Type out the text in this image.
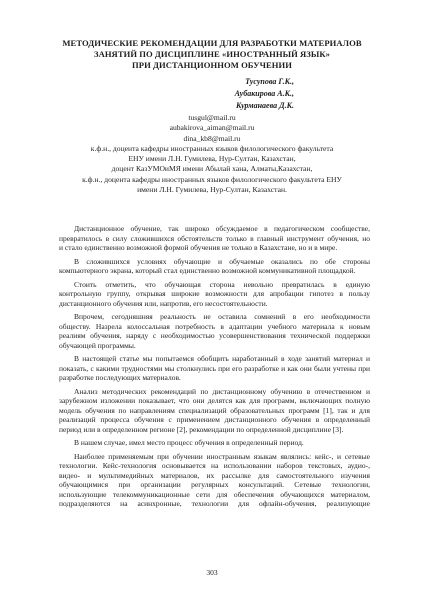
МЕТОДИЧЕСКИЕ РЕКОМЕНДАЦИИ ДЛЯ РАЗРАБОТКИ МАТЕРИАЛОВ
ЗАНЯТИЙ ПО ДИСЦИПЛИНЕ «ИНОСТРАННЫЙ ЯЗЫК»
ПРИ ДИСТАНЦИОННОМ ОБУЧЕНИИ
Тусупова Г.К.,
Аубакирова А.К.,
Курманаева Д.К.
tusgul@mail.ru
aubakirova_aiman@mail.ru
dina_kb8@mail.ru
к.ф.н., доцента кафедры иностранных языков филологического факультета
ЕНУ имени Л.Н. Гумилева, Нур-Султан, Казахстан,
доцент КазУМОиМЯ имени Абылай хана, Алматы,Казахстан,
к.ф.н., доцента кафедры иностранных языков филологического факультета ЕНУ
имени Л.Н. Гумилева, Нур-Султан, Казахстан.
Дистанционное обучение, так широко обсуждаемое в педагогическом сообществе,
превратилось в силу сложившихся обстоятельств только в главный инструмент обучения, но
и стало единственно возможной формой обучения не только в Казахстане, но и в мире.
В сложившихся условиях обучающие и обучаемые оказались по обе стороны
компьютерного экрана, который стал единственно возможной коммуникативной площадкой.
Стоить отметить, что обучающая сторона невольно превратилась в единую
контрольную группу, открывая широкие возможности для апробации гипотез в пользу
дистанционного обучения или, напротив, его несостоятельности.
Впрочем, сегодняшняя реальность не оставила сомнений в его необходимости
обществу. Назрела колоссальная потребность в адаптации учебного материала к новым
реалиям обучения, наряду с необходимостью усовершенствования технической поддержки
обучающей программы.
В настоящей статье мы попытаемся обобщить наработанный в ходе занятий материал и
показать, с какими трудностями мы столкнулись при его разработке и как они были учтены при
разработке последующих материалов.
Анализ методических рекомендаций по дистанционному обучению в отечественном и
зарубежном изложении показывает, что они делятся как для программ, включающих полную
модель обучения по направлениям специализаций образовательных программ [1], так и для
реализаций процесса обучения с применением дистанционного обучения в определенный
период или в определенном регионе [2], рекомендации по определенной дисциплине [3].
В нашем случае, имел место процесс обучения в определенный период.
Наиболее применяемым при обучении иностранным языкам являлись: кейс-, и сетевые
технологии. Кейс-технология основывается на использовании наборов текстовых, аудио-,
видео- и мультимедийных материалов, их рассылке для самостоятельного изучения
обучающимися при организации регулярных консультаций. Сетевые технологии,
использующие телекоммуникационные сети для обеспечения обучающихся материалом,
подразделяются на асинхронные, технологии для офлайн-обучения, реализующие
303
